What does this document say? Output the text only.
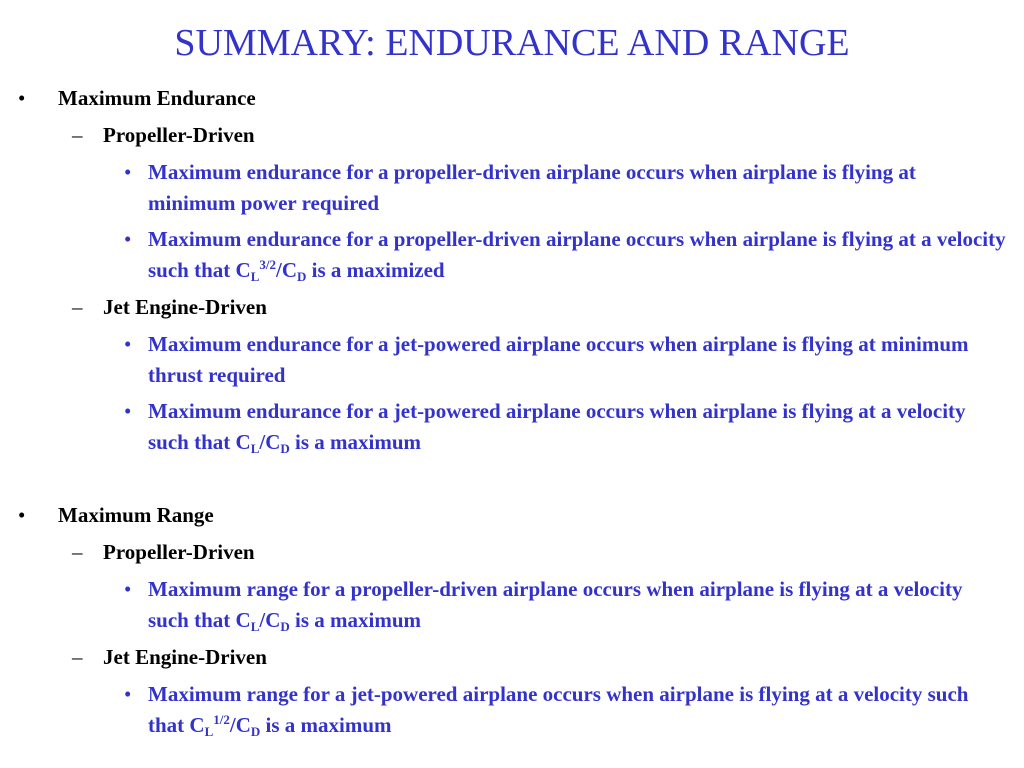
SUMMARY: ENDURANCE AND RANGE
• Maximum Endurance
– Propeller-Driven
• Maximum endurance for a propeller-driven airplane occurs when airplane is flying at minimum power required
• Maximum endurance for a propeller-driven airplane occurs when airplane is flying at a velocity such that $C_L^{3/2}/C_D$ is a maximized
– Jet Engine-Driven
• Maximum endurance for a jet-powered airplane occurs when airplane is flying at minimum thrust required
• Maximum endurance for a jet-powered airplane occurs when airplane is flying at a velocity such that $C_L/C_D$ is a maximum
• Maximum Range
– Propeller-Driven
• Maximum range for a propeller-driven airplane occurs when airplane is flying at a velocity such that $C_L/C_D$ is a maximum
– Jet Engine-Driven
• Maximum range for a jet-powered airplane occurs when airplane is flying at a velocity such that $C_L^{1/2}/C_D$ is a maximum
